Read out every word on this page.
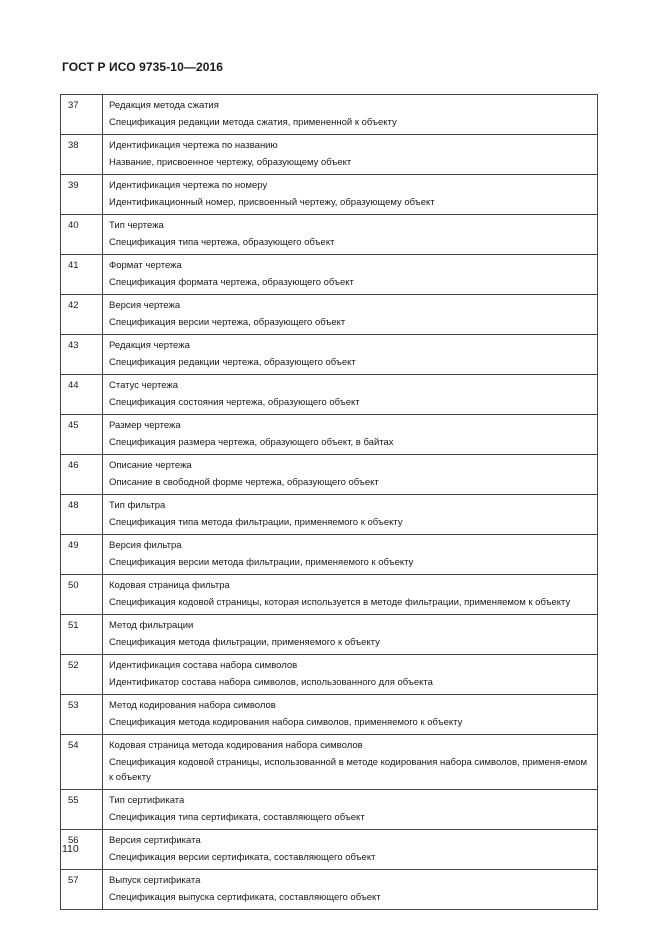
ГОСТ Р ИСО 9735-10—2016
37	Редакция метода сжатия
Спецификация редакции метода сжатия, примененной к объекту

38	Идентификация чертежа по названию
Название, присвоенное чертежу, образующему объект

39	Идентификация чертежа по номеру
Идентификационный номер, присвоенный чертежу, образующему объект

40	Тип чертежа
Спецификация типа чертежа, образующего объект

41	Формат чертежа
Спецификация формата чертежа, образующего объект

42	Версия чертежа
Спецификация версии чертежа, образующего объект

43	Редакция чертежа
Спецификация редакции чертежа, образующего объект

44	Статус чертежа
Спецификация состояния чертежа, образующего объект

45	Размер чертежа
Спецификация размера чертежа, образующего объект, в байтах

46	Описание чертежа
Описание в свободной форме чертежа, образующего объект

48	Тип фильтра
Спецификация типа метода фильтрации, применяемого к объекту

49	Версия фильтра
Спецификация версии метода фильтрации, применяемого к объекту

50	Кодовая страница фильтра
Спецификация кодовой страницы, которая используется в методе фильтрации, применяемом к объекту

51	Метод фильтрации
Спецификация метода фильтрации, применяемого к объекту

52	Идентификация состава набора символов
Идентификатор состава набора символов, использованного для объекта

53	Метод кодирования набора символов
Спецификация метода кодирования набора символов, применяемого к объекту

54	Кодовая страница метода кодирования набора символов
Спецификация кодовой страницы, использованной в методе кодирования набора символов, применя-емом к объекту

55	Тип сертификата
Спецификация типа сертификата, составляющего объект

56	Версия сертификата
Спецификация версии сертификата, составляющего объект

57	Выпуск сертификата
Спецификация выпуска сертификата, составляющего объект
110
